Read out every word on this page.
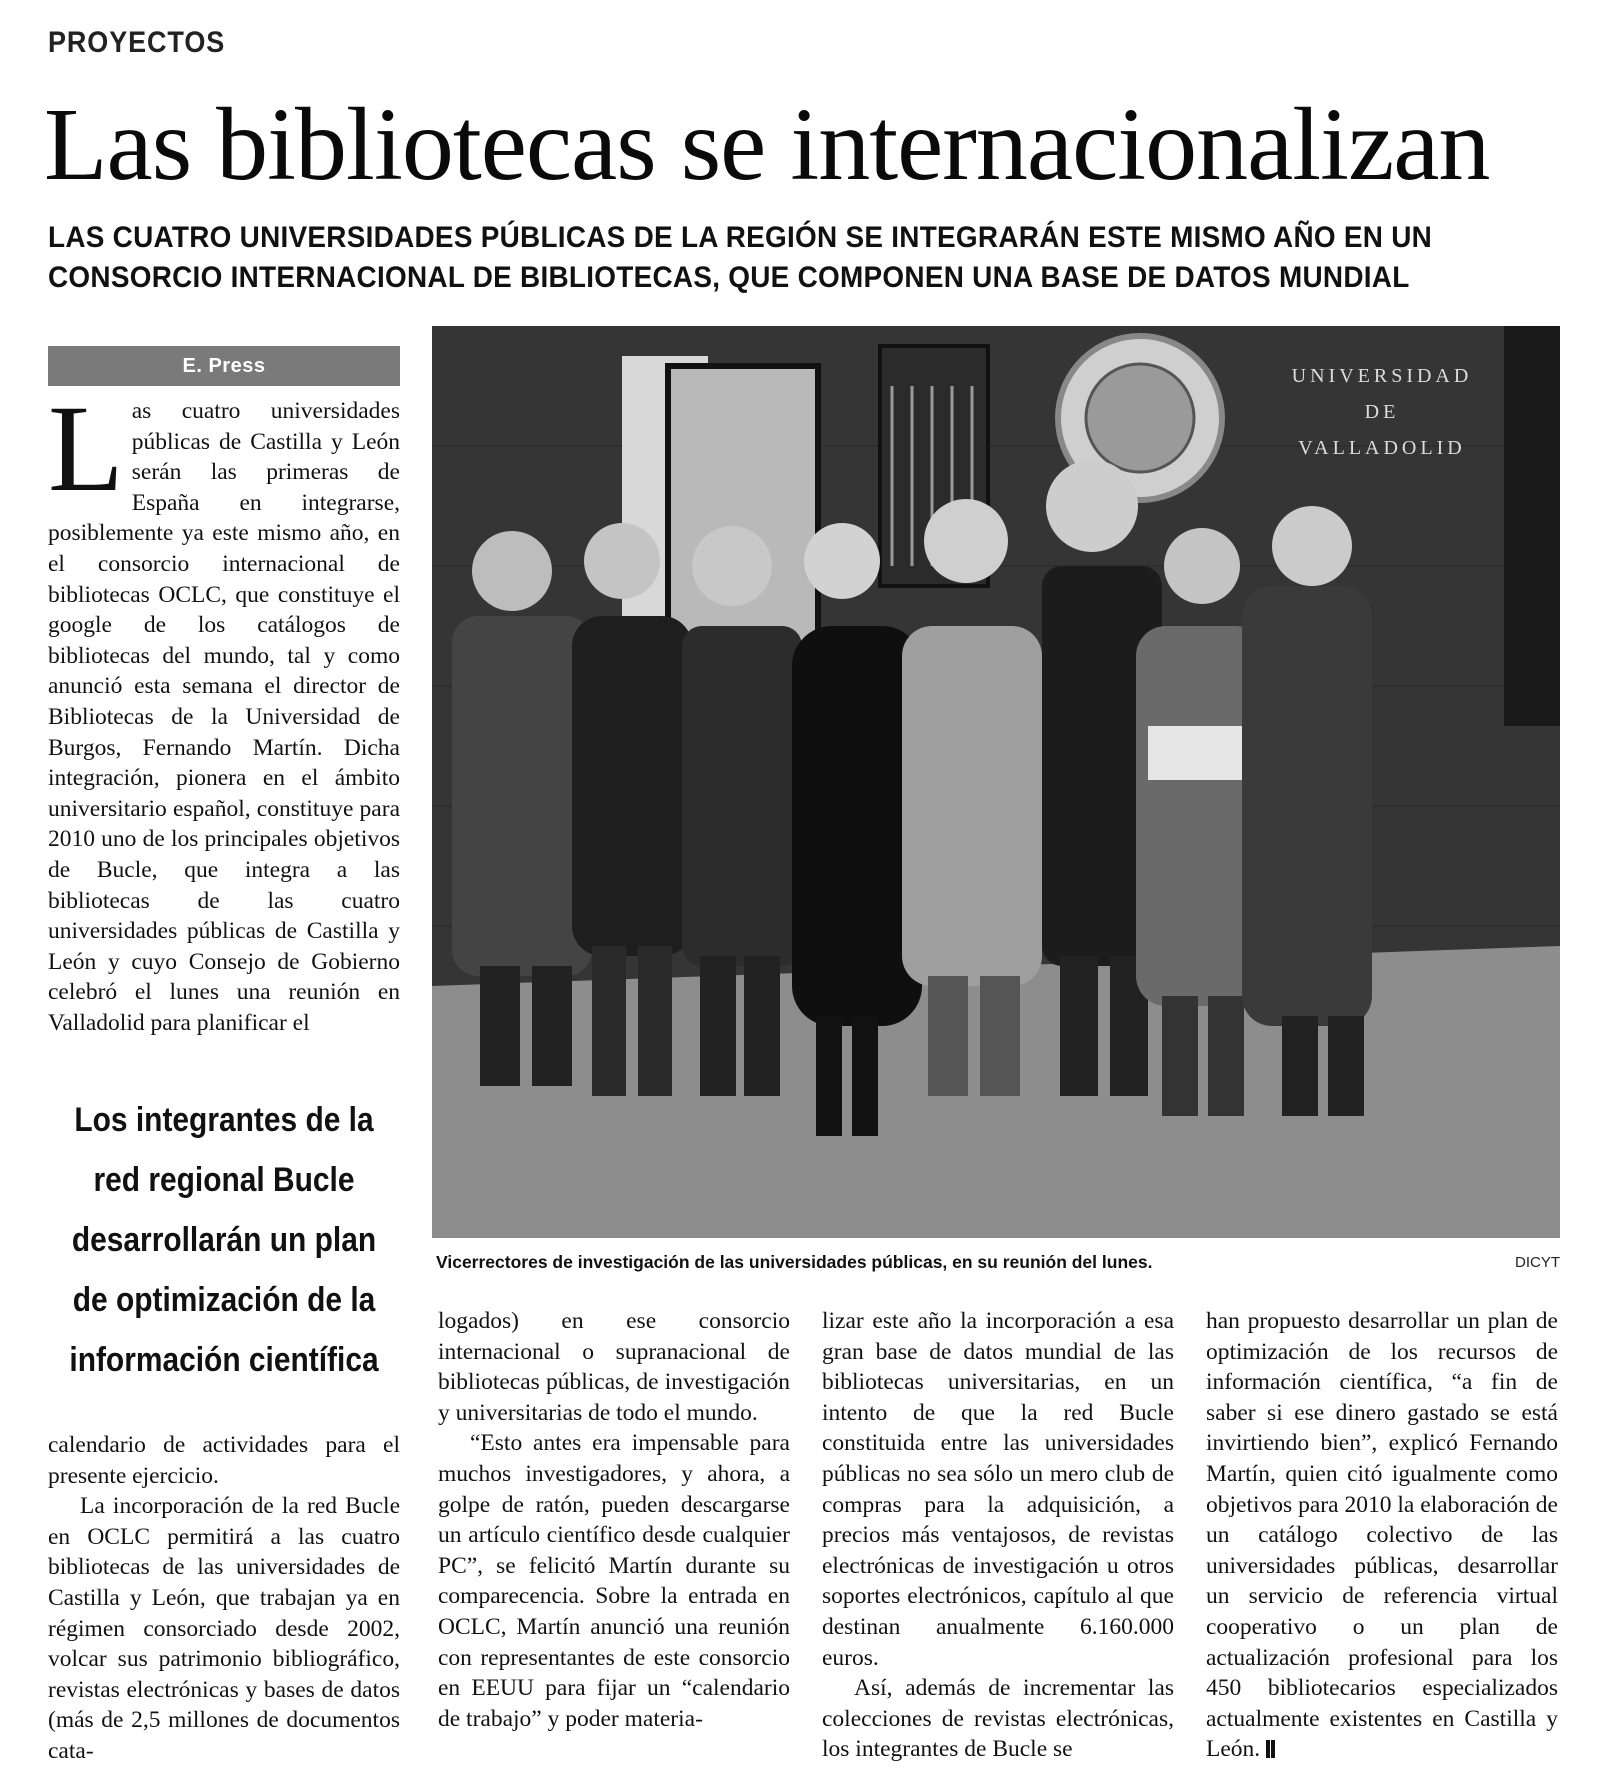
PROYECTOS
Las bibliotecas se internacionalizan
LAS CUATRO UNIVERSIDADES PÚBLICAS DE LA REGIÓN SE INTEGRARÁN ESTE MISMO AÑO EN UN CONSORCIO INTERNACIONAL DE BIBLIOTECAS, QUE COMPONEN UNA BASE DE DATOS MUNDIAL
E. Press
L as cuatro universidades públicas de Castilla y León serán las primeras de España en integrarse, posiblemente ya este mismo año, en el consorcio internacional de bibliotecas OCLC, que constituye el google de los catálogos de bibliotecas del mundo, tal y como anunció esta semana el director de Bibliotecas de la Universidad de Burgos, Fernando Martín. Dicha integración, pionera en el ámbito universitario español, constituye para 2010 uno de los principales objetivos de Bucle, que integra a las bibliotecas de las cuatro universidades públicas de Castilla y León y cuyo Consejo de Gobierno celebró el lunes una reunión en Valladolid para planificar el

Los integrantes de la red regional Bucle desarrollarán un plan de optimización de la información científica

calendario de actividades para el presente ejercicio.

La incorporación de la red Bucle en OCLC permitirá a las cuatro bibliotecas de las universidades de Castilla y León, que trabajan ya en régimen consorciado desde 2002, volcar sus patrimonio bibliográfico, revistas electrónicas y bases de datos (más de 2,5 millones de documentos cata-

UNIVERSIDAD
DE
VALLADOLID
Vicerrectores de investigación de las universidades públicas, en su reunión del lunes.	DICYT

logados) en ese consorcio internacional o supranacional de bibliotecas públicas, de investigación y universitarias de todo el mundo.

“Esto antes era impensable para muchos investigadores, y ahora, a golpe de ratón, pueden descargarse un artículo científico desde cualquier PC”, se felicitó Martín durante su comparecencia. Sobre la entrada en OCLC, Martín anunció una reunión con representantes de este consorcio en EEUU para fijar un “calendario de trabajo” y poder materia-

lizar este año la incorporación a esa gran base de datos mundial de las bibliotecas universitarias, en un intento de que la red Bucle constituida entre las universidades públicas no sea sólo un mero club de compras para la adquisición, a precios más ventajosos, de revistas electrónicas de investigación u otros soportes electrónicos, capítulo al que destinan anualmente 6.160.000 euros.

Así, además de incrementar las colecciones de revistas electrónicas, los integrantes de Bucle se

han propuesto desarrollar un plan de optimización de los recursos de información científica, “a fin de saber si ese dinero gastado se está invirtiendo bien”, explicó Fernando Martín, quien citó igualmente como objetivos para 2010 la elaboración de un catálogo colectivo de las universidades públicas, desarrollar un servicio de referencia virtual cooperativo o un plan de actualización profesional para los 450 bibliotecarios especializados actualmente existentes en Castilla y León.
